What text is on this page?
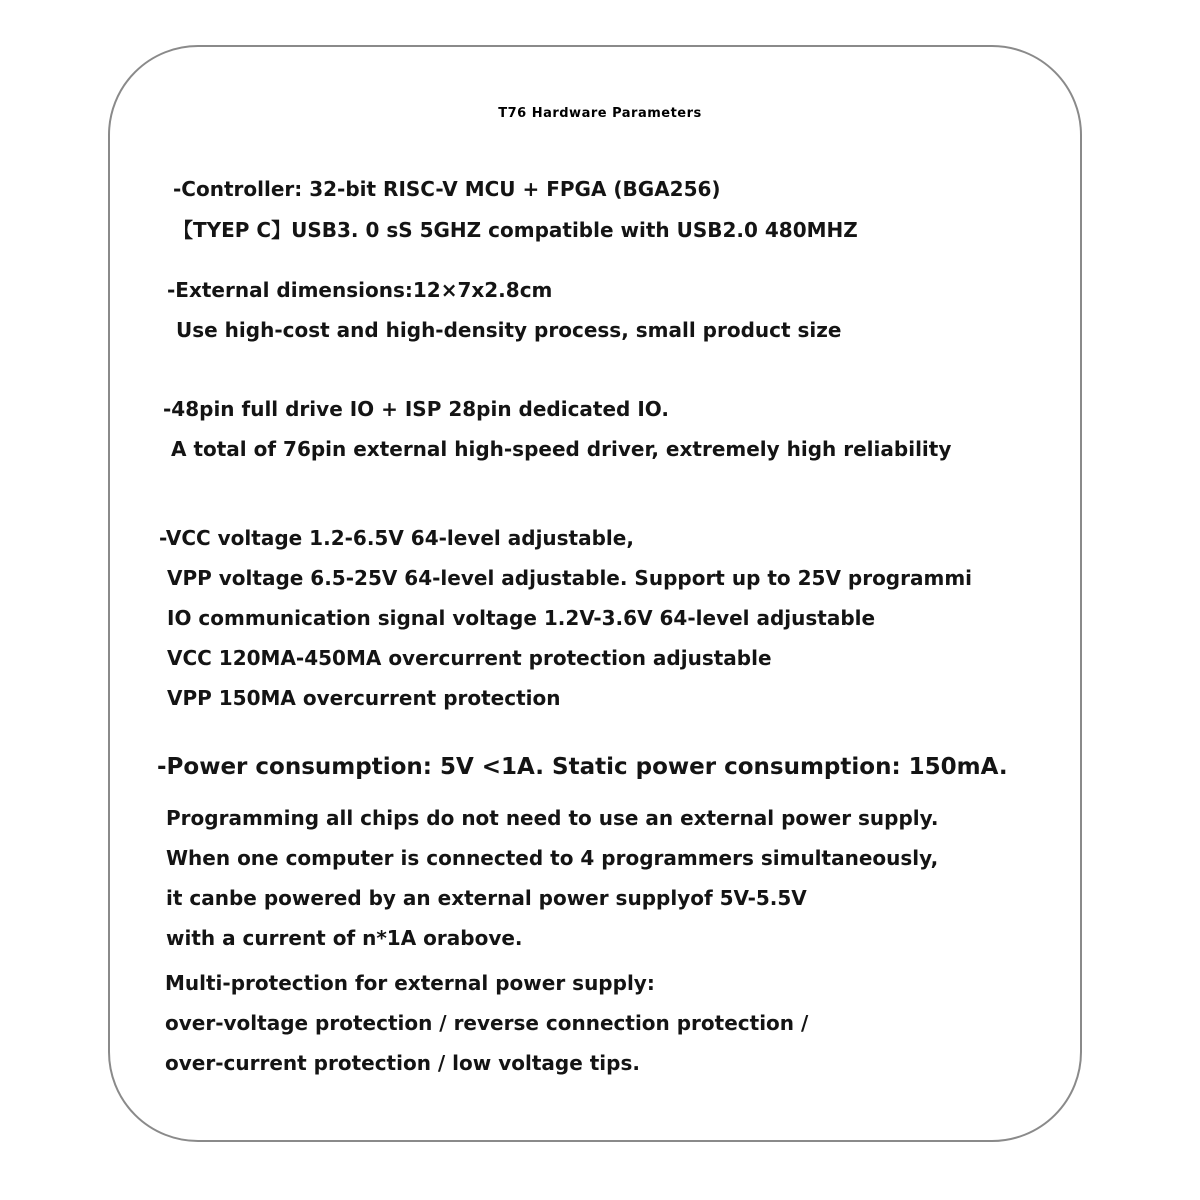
T76 Hardware Parameters
-Controller: 32-bit RISC-V MCU + FPGA (BGA256)
【TYEP C】USB3. 0 sS 5GHZ compatible with USB2.0 480MHZ
-External dimensions:12×7x2.8cm
Use high-cost and high-density process, small product size
-48pin full drive IO + ISP 28pin dedicated IO.
A total of 76pin external high-speed driver, extremely high reliability
-VCC voltage 1.2-6.5V 64-level adjustable,
VPP voltage 6.5-25V 64-level adjustable. Support up to 25V programmi
IO communication signal voltage 1.2V-3.6V 64-level adjustable
VCC 120MA-450MA overcurrent protection adjustable
VPP 150MA overcurrent protection
-Power consumption: 5V <1A. Static power consumption: 150mA.
Programming all chips do not need to use an external power supply.
When one computer is connected to 4 programmers simultaneously,
it canbe powered by an external power supplyof 5V-5.5V
with a current of n*1A orabove.
Multi-protection for external power supply:
over-voltage protection / reverse connection protection /
over-current protection / low voltage tips.
